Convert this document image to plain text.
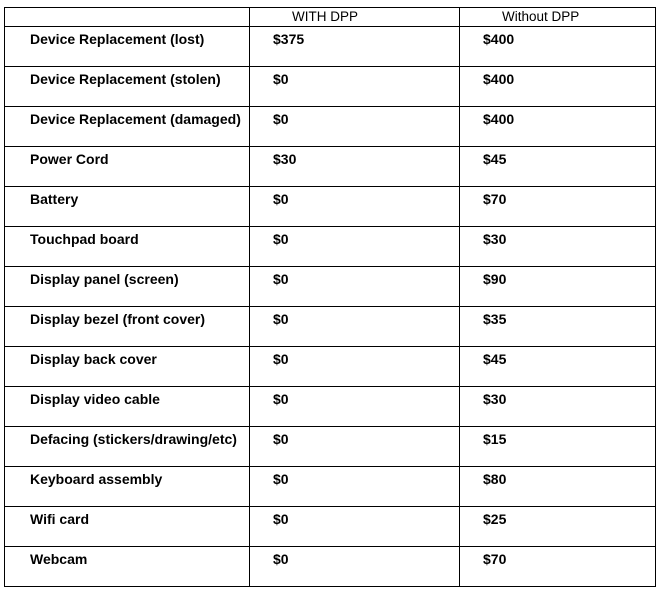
	WITH DPP	Without DPP
Device Replacement (lost)	$375	$400
Device Replacement (stolen)	$0	$400
Device Replacement (damaged)	$0	$400
Power Cord	$30	$45
Battery	$0	$70
Touchpad board	$0	$30
Display panel (screen)	$0	$90
Display bezel (front cover)	$0	$35
Display back cover	$0	$45
Display video cable	$0	$30
Defacing (stickers/drawing/etc)	$0	$15
Keyboard assembly	$0	$80
Wifi card	$0	$25
Webcam	$0	$70
